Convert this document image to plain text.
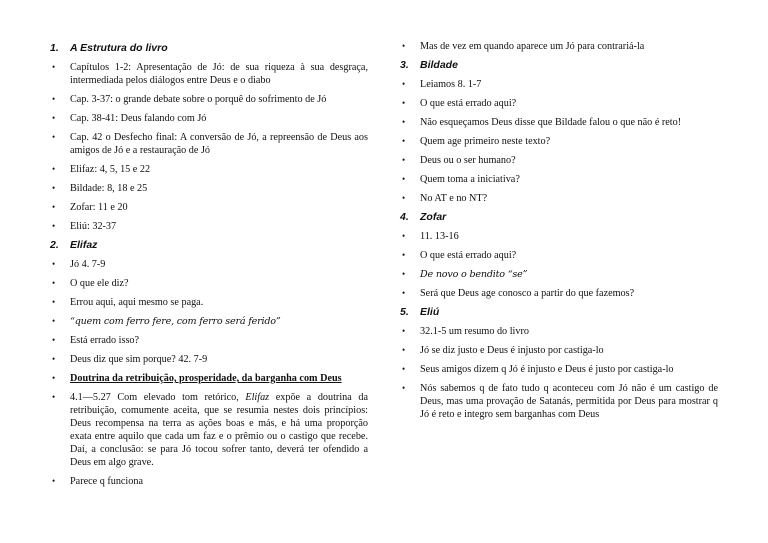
1. A Estrutura do livro
• Capítulos 1-2: Apresentação de Jó: de sua riqueza à sua desgraça, intermediada pelos diálogos entre Deus e o diabo
• Cap. 3-37: o grande debate sobre o porquê do sofrimento de Jó
• Cap. 38-41: Deus falando com Jó
• Cap. 42 o Desfecho final: A conversão de Jó, a repreensão de Deus aos amigos de Jó e a restauração de Jó
• Elifaz: 4, 5, 15 e 22
• Bildade: 8, 18 e 25
• Zofar: 11 e 20
• Eliú: 32-37
2. Elifaz
• Jó 4. 7-9
• O que ele diz?
• Errou aqui, aqui mesmo se paga.
• “quem com ferro fere, com ferro será ferido”
• Está errado isso?
• Deus diz que sim porque? 42. 7-9
• Doutrina da retribuição, prosperidade, da barganha com Deus
• 4.1—5.27 Com elevado tom retórico, Elifaz expõe a doutrina da retribuição, comumente aceita, que se resumia nestes dois princípios: Deus recompensa na terra as ações boas e más, e há uma proporção exata entre aquilo que cada um faz e o prêmio ou o castigo que recebe. Daí, a conclusão: se para Jó tocou sofrer tanto, deverá ter ofendido a Deus em algo grave.
• Parece q funciona
• Mas de vez em quando aparece um Jó para contrariá-la
3. Bildade
• Leiamos 8. 1-7
• O que está errado aqui?
• Não esqueçamos Deus disse que Bildade falou o que não é reto!
• Quem age primeiro neste texto?
• Deus ou o ser humano?
• Quem toma a iniciativa?
• No AT e no NT?
4. Zofar
• 11. 13-16
• O que está errado aqui?
• De novo o bendito “se”
• Será que Deus age conosco a partir do que fazemos?
5. Eliú
• 32.1-5 um resumo do livro
• Jó se diz justo e Deus é injusto por castiga-lo
• Seus amigos dizem q Jó é injusto e Deus é justo por castiga-lo
• Nós sabemos q de fato tudo q aconteceu com Jó não é um castigo de Deus, mas uma provação de Satanás, permitida por Deus para mostrar q Jó é reto e integro sem barganhas com Deus
